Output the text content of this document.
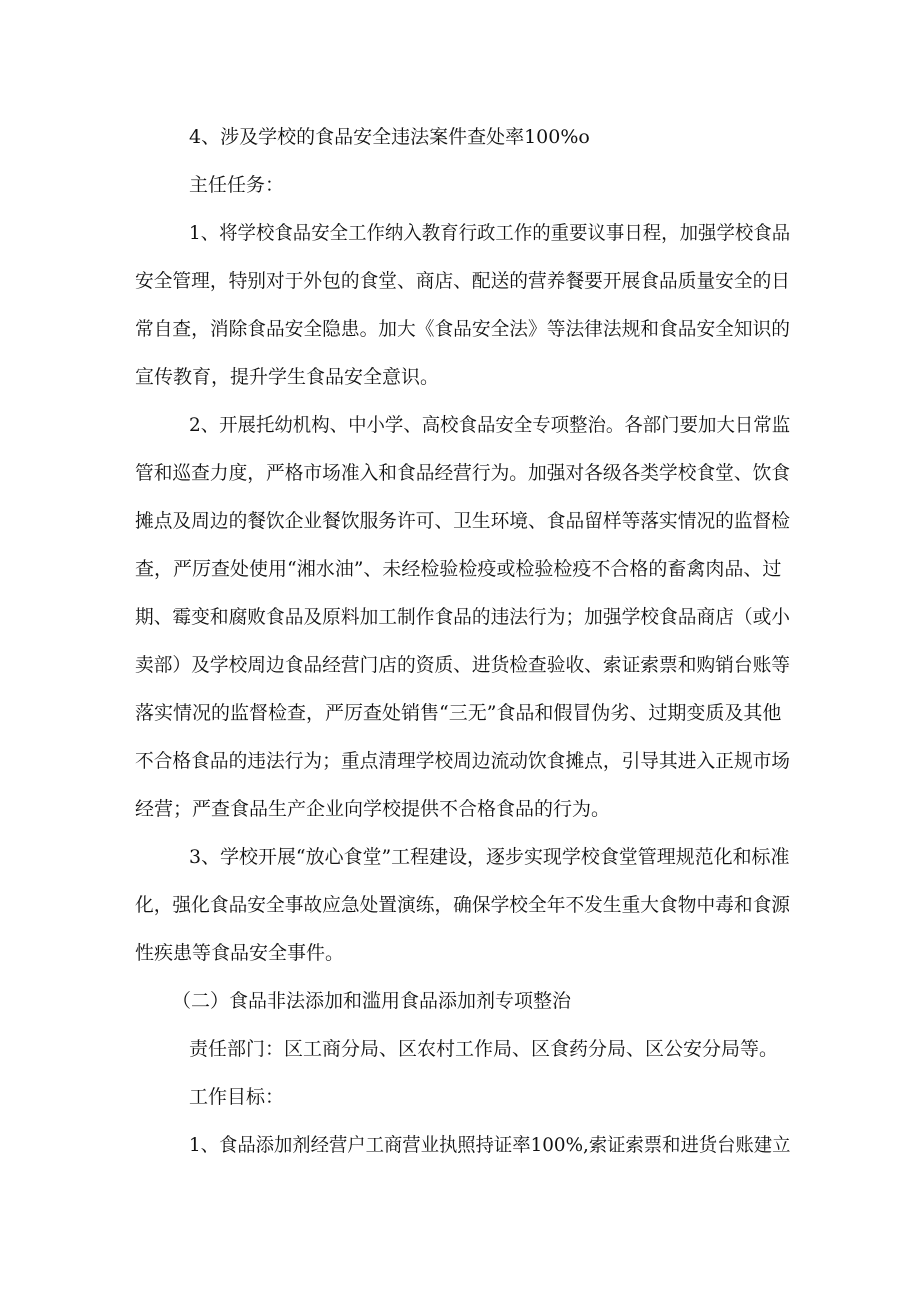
4、涉及学校的食品安全违法案件查处率100%o
主任任务：
1、将学校食品安全工作纳入教育行政工作的重要议事日程，加强学校食品
安全管理，特别对于外包的食堂、商店、配送的营养餐要开展食品质量安全的日
常自查，消除食品安全隐患。加大《食品安全法》等法律法规和食品安全知识的
宣传教育，提升学生食品安全意识。
2、开展托幼机构、中小学、高校食品安全专项整治。各部门要加大日常监
管和巡查力度，严格市场准入和食品经营行为。加强对各级各类学校食堂、饮食
摊点及周边的餐饮企业餐饮服务许可、卫生环境、食品留样等落实情况的监督检
查，严厉查处使用“湘水油”、未经检验检疫或检验检疫不合格的畜禽肉品、过
期、霉变和腐败食品及原料加工制作食品的违法行为；加强学校食品商店（或小
卖部）及学校周边食品经营门店的资质、进货检查验收、索证索票和购销台账等
落实情况的监督检查，严厉查处销售“三无”食品和假冒伪劣、过期变质及其他
不合格食品的违法行为；重点清理学校周边流动饮食摊点，引导其进入正规市场
经营；严查食品生产企业向学校提供不合格食品的行为。
3、学校开展“放心食堂”工程建设，逐步实现学校食堂管理规范化和标准
化，强化食品安全事故应急处置演练，确保学校全年不发生重大食物中毒和食源
性疾患等食品安全事件。
（二）食品非法添加和滥用食品添加剂专项整治
责任部门：区工商分局、区农村工作局、区食药分局、区公安分局等。
工作目标：
1、食品添加剂经营户工商营业执照持证率100%,索证索票和进货台账建立
